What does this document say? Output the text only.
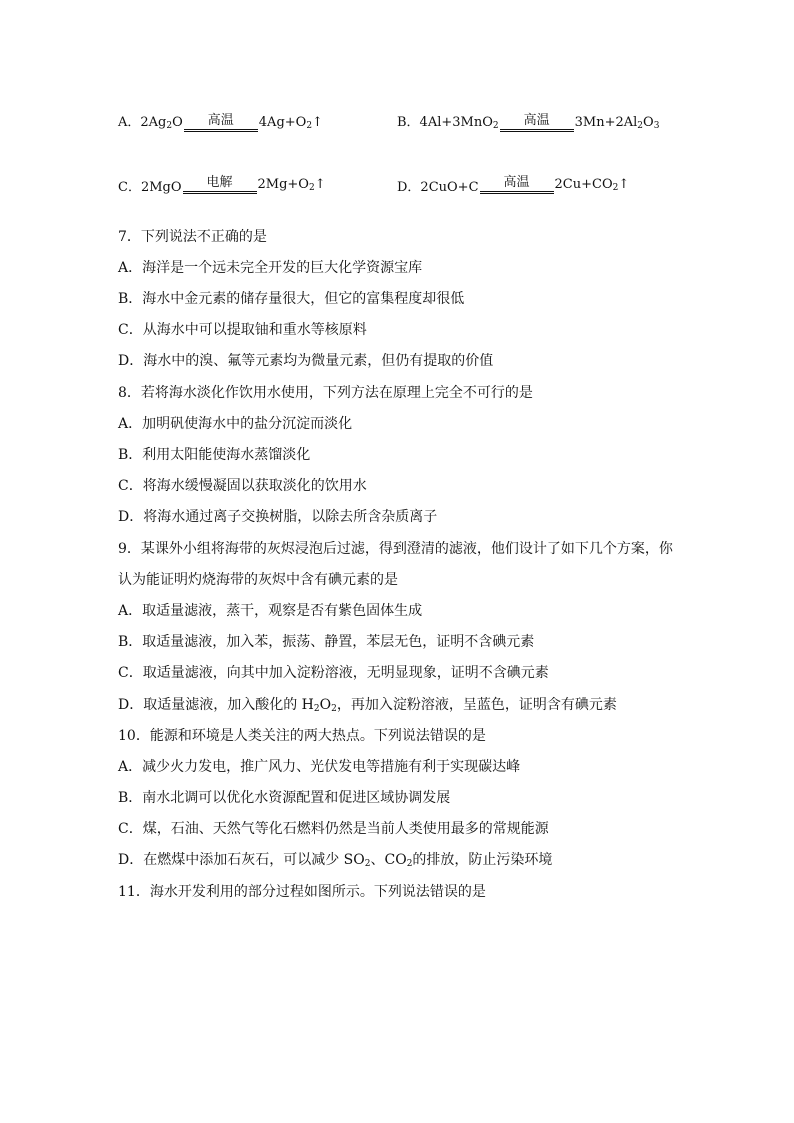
A．$2Ag_2O$ 高温 $4Ag+O_2↑$	B．4Al+3MnO$_2$ 高温 $3Mn+2Al_2O_3$
C．2MgO 电解 $2Mg+O_2↑$	D．2CuO+C 高温 $2Cu+CO_2↑$
7．下列说法不正确的是
A．海洋是一个远未完全开发的巨大化学资源宝库
B．海水中金元素的储存量很大，但它的富集程度却很低
C．从海水中可以提取铀和重水等核原料
D．海水中的溴、氟等元素均为微量元素，但仍有提取的价值
8．若将海水淡化作饮用水使用，下列方法在原理上完全不可行的是
A．加明矾使海水中的盐分沉淀而淡化
B．利用太阳能使海水蒸馏淡化
C．将海水缓慢凝固以获取淡化的饮用水
D．将海水通过离子交换树脂，以除去所含杂质离子
9．某课外小组将海带的灰烬浸泡后过滤，得到澄清的滤液，他们设计了如下几个方案，你
认为能证明灼烧海带的灰烬中含有碘元素的是
A．取适量滤液，蒸干，观察是否有紫色固体生成
B．取适量滤液，加入苯，振荡、静置，苯层无色，证明不含碘元素
C．取适量滤液，向其中加入淀粉溶液，无明显现象，证明不含碘元素
D．取适量滤液，加入酸化的 $H_2O_2$，再加入淀粉溶液，呈蓝色，证明含有碘元素
10．能源和环境是人类关注的两大热点。下列说法错误的是
A．减少火力发电，推广风力、光伏发电等措施有利于实现碳达峰
B．南水北调可以优化水资源配置和促进区域协调发展
C．煤，石油、天然气等化石燃料仍然是当前人类使用最多的常规能源
D．在燃煤中添加石灰石，可以减少 $SO_2$、$CO_2$的排放，防止污染环境
11．海水开发利用的部分过程如图所示。下列说法错误的是
